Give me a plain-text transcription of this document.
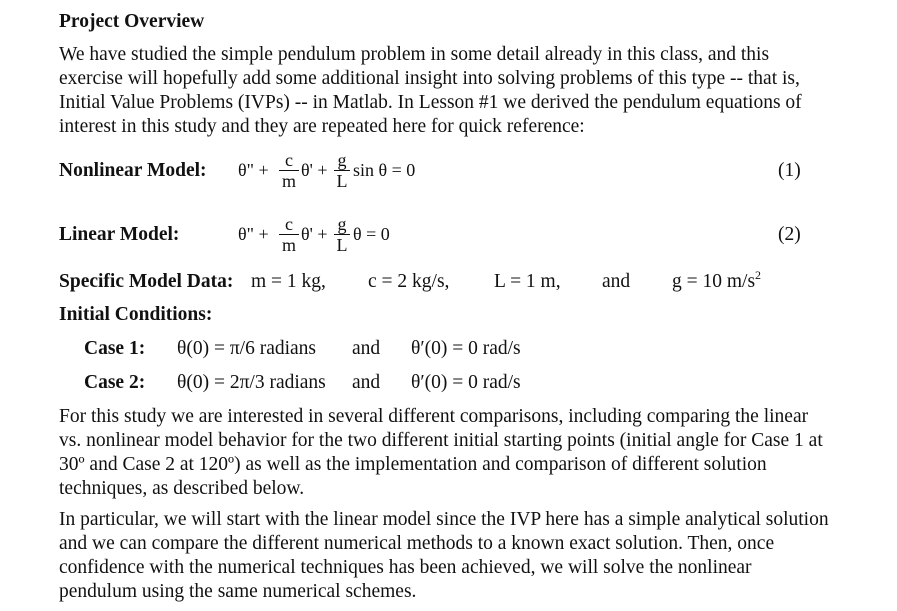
Project Overview
We have studied the simple pendulum problem in some detail already in this class, and this
exercise will hopefully add some additional insight into solving problems of this type -- that is,
Initial Value Problems (IVPs) -- in Matlab. In Lesson #1 we derived the pendulum equations of
interest in this study and they are repeated here for quick reference:
Nonlinear Model: θ" + c
m
θ' + g
L
sin θ = 0	(1)
Linear Model:	θ" + c
m
θ' + g
L
θ = 0	(2)
Specific Model Data: m = 1 kg, c = 2 kg/s, L = 1 m, and g = 10 $m/s^2$
Initial Conditions:
Case 1: θ(0) = π/6 radians and θ′(0) = 0 rad/s
Case 2: θ(0) = 2π/3 radians and θ′(0) = 0 rad/s
For this study we are interested in several different comparisons, including comparing the linear
vs. nonlinear model behavior for the two different initial starting points (initial angle for Case 1 at
30º and Case 2 at 120º) as well as the implementation and comparison of different solution
techniques, as described below.
In particular, we will start with the linear model since the IVP here has a simple analytical solution
and we can compare the different numerical methods to a known exact solution. Then, once
confidence with the numerical techniques has been achieved, we will solve the nonlinear
pendulum using the same numerical schemes.
